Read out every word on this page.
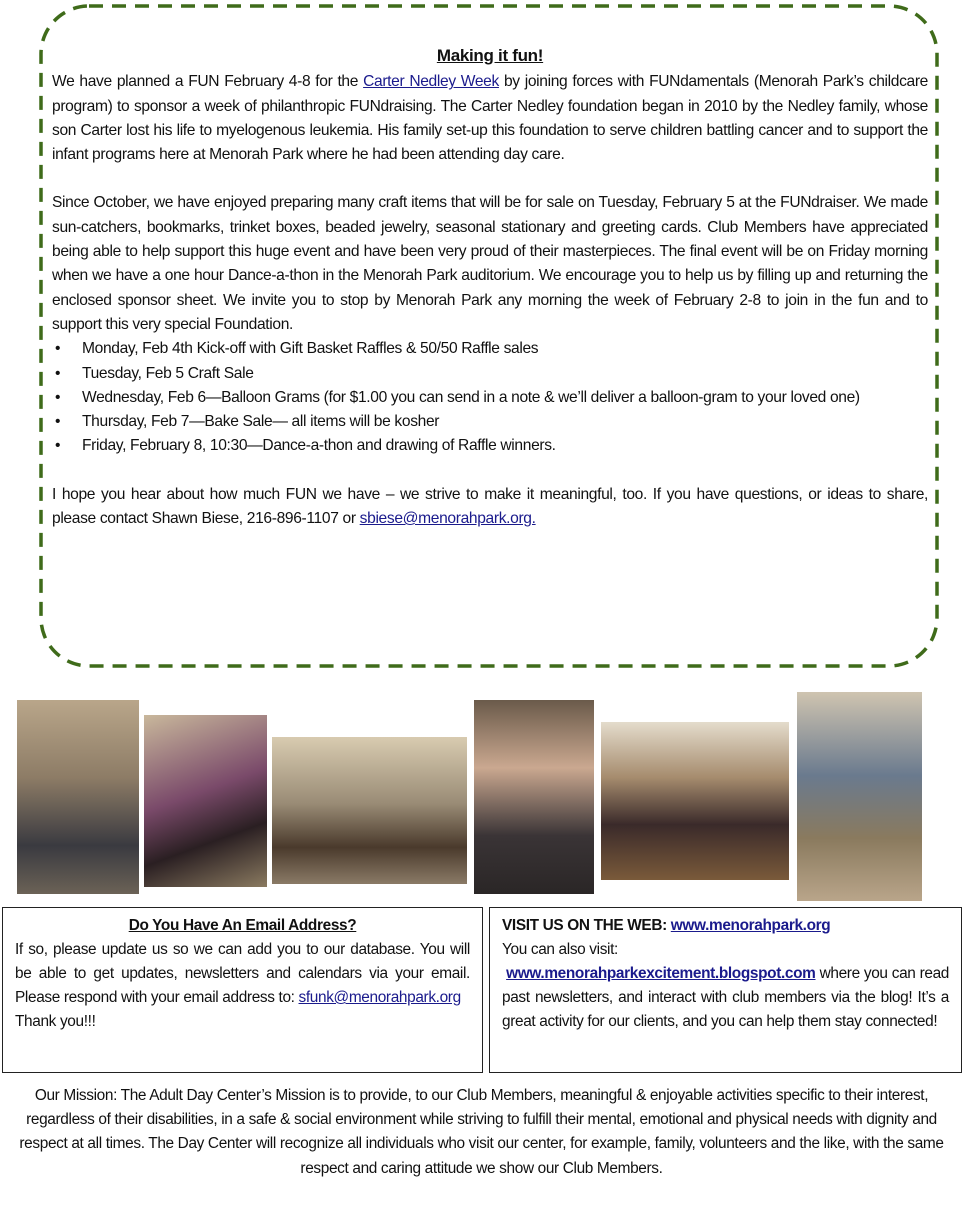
Making it fun!

We have planned a FUN February 4-8 for the Carter Nedley Week by joining forces with FUNdamentals (Menorah Park’s childcare program) to sponsor a week of philanthropic FUNdraising. The Carter Nedley foundation began in 2010 by the Nedley family, whose son Carter lost his life to myelogenous leukemia. His family set-up this foundation to serve children battling cancer and to support the infant programs here at Menorah Park where he had been attending day care.

Since October, we have enjoyed preparing many craft items that will be for sale on Tuesday, February 5 at the FUNdraiser. We made sun-catchers, bookmarks, trinket boxes, beaded jewelry, seasonal stationary and greeting cards. Club Members have appreciated being able to help support this huge event and have been very proud of their masterpieces. The final event will be on Friday morning when we have a one hour Dance-a-thon in the Menorah Park auditorium. We encourage you to help us by filling up and returning the enclosed sponsor sheet. We invite you to stop by Menorah Park any morning the week of February 2-8 to join in the fun and to support this very special Foundation.

• Monday, Feb 4th Kick-off with Gift Basket Raffles & 50/50 Raffle sales
• Tuesday, Feb 5 Craft Sale
• Wednesday, Feb 6—Balloon Grams (for $1.00 you can send in a note & we’ll deliver a balloon-gram to your loved one)
• Thursday, Feb 7—Bake Sale— all items will be kosher
• Friday, February 8, 10:30—Dance-a-thon and drawing of Raffle winners.

I hope you hear about how much FUN we have – we strive to make it meaningful, too. If you have questions, or ideas to share, please contact Shawn Biese, 216-896-1107 or sbiese@menorahpark.org.

Do You Have An Email Address?

If so, please update us so we can add you to our database. You will be able to get updates, newsletters and calendars via your email. Please respond with your email address to: sfunk@menorahpark.org

Thank you!!!

VISIT US ON THE WEB: www.menorahpark.org

You can also visit:

www.menorahparkexcitement.blogspot.com where you can read past newsletters, and interact with club members via the blog! It’s a great activity for our clients, and you can help them stay connected!

Our Mission: The Adult Day Center’s Mission is to provide, to our Club Members, meaningful & enjoyable activities specific to their interest, regardless of their disabilities, in a safe & social environment while striving to fulfill their mental, emotional and physical needs with dignity and respect at all times. The Day Center will recognize all individuals who visit our center, for example, family, volunteers and the like, with the same respect and caring attitude we show our Club Members.
